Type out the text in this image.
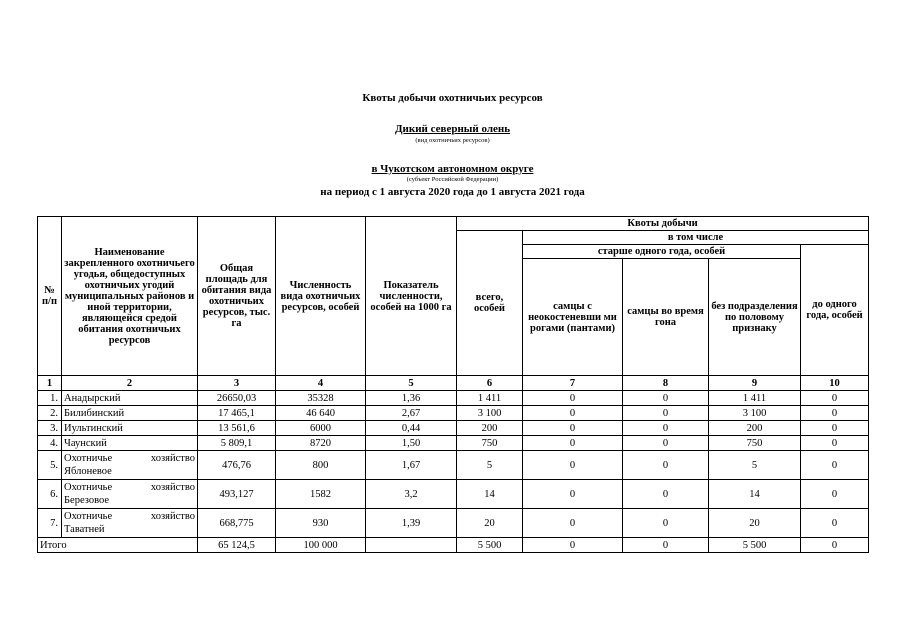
Квоты добычи охотничьих ресурсов
Дикий северный олень
(вид охотничьих ресурсов)
в Чукотском автономном округе
(субъект Российской Федерации)
на период с 1 августа 2020 года до 1 августа 2021 года
№ п/п	Наименование закрепленного охотничьего угодья, общедоступных охотничьих угодий муниципальных районов и иной территории, являющейся средой обитания охотничьих ресурсов	Общая площадь для обитания вида охотничьих ресурсов, тыс. га	Численность вида охотничьих ресурсов, особей	Показатель численности, особей на 1000 га	Квоты добычи				
					всего, особей	в том числе			
						старше одного года, особей			до одного года, особей
						самцы с неокостеневши ми рогами (пантами)	самцы во время гона	без подразделения по половому признаку	
1	2	3	4	5	6	7	8	9	10
1.	Анадырский	26650,03	35328	1,36	1 411	0	0	1 411	0
2.	Билибинский	17 465,1	46 640	2,67	3 100	0	0	3 100	0
3.	Иультинский	13 561,6	6000	0,44	200	0	0	200	0
4.	Чаунский	5 809,1	8720	1,50	750	0	0	750	0
5.	Охотничье хозяйство
Яблоневое	476,76	800	1,67	5	0	0	5	0
6.	Охотничье хозяйство
Березовое	493,127	1582	3,2	14	0	0	14	0
7.	Охотничье хозяйство
Таватней	668,775	930	1,39	20	0	0	20	0
Итого		65 124,5	100 000		5 500	0	0	5 500	0
